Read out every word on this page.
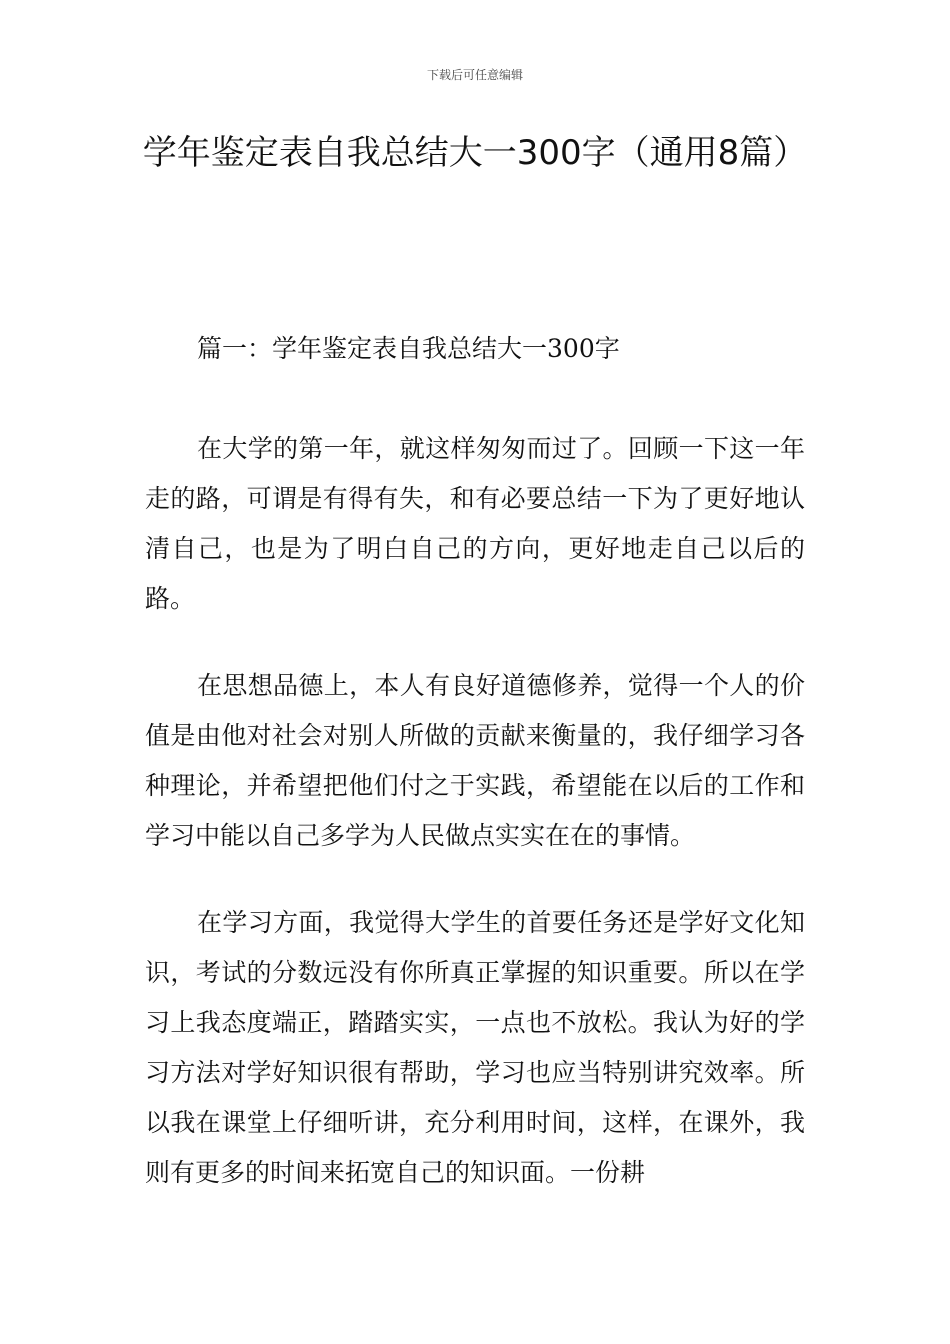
下载后可任意编辑
学年鉴定表自我总结大一300字（通用8篇）
篇一：学年鉴定表自我总结大一300字

在大学的第一年，就这样匆匆而过了。回顾一下这一年走的路，可谓是有得有失，和有必要总结一下为了更好地认清自己，也是为了明白自己的方向，更好地走自己以后的路。

在思想品德上，本人有良好道德修养，觉得一个人的价值是由他对社会对别人所做的贡献来衡量的，我仔细学习各种理论，并希望把他们付之于实践，希望能在以后的工作和学习中能以自己多学为人民做点实实在在的事情。

在学习方面，我觉得大学生的首要任务还是学好文化知识，考试的分数远没有你所真正掌握的知识重要。所以在学习上我态度端正，踏踏实实，一点也不放松。我认为好的学习方法对学好知识很有帮助，学习也应当特别讲究效率。所以我在课堂上仔细听讲，充分利用时间，这样，在课外，我则有更多的时间来拓宽自己的知识面。一份耕
